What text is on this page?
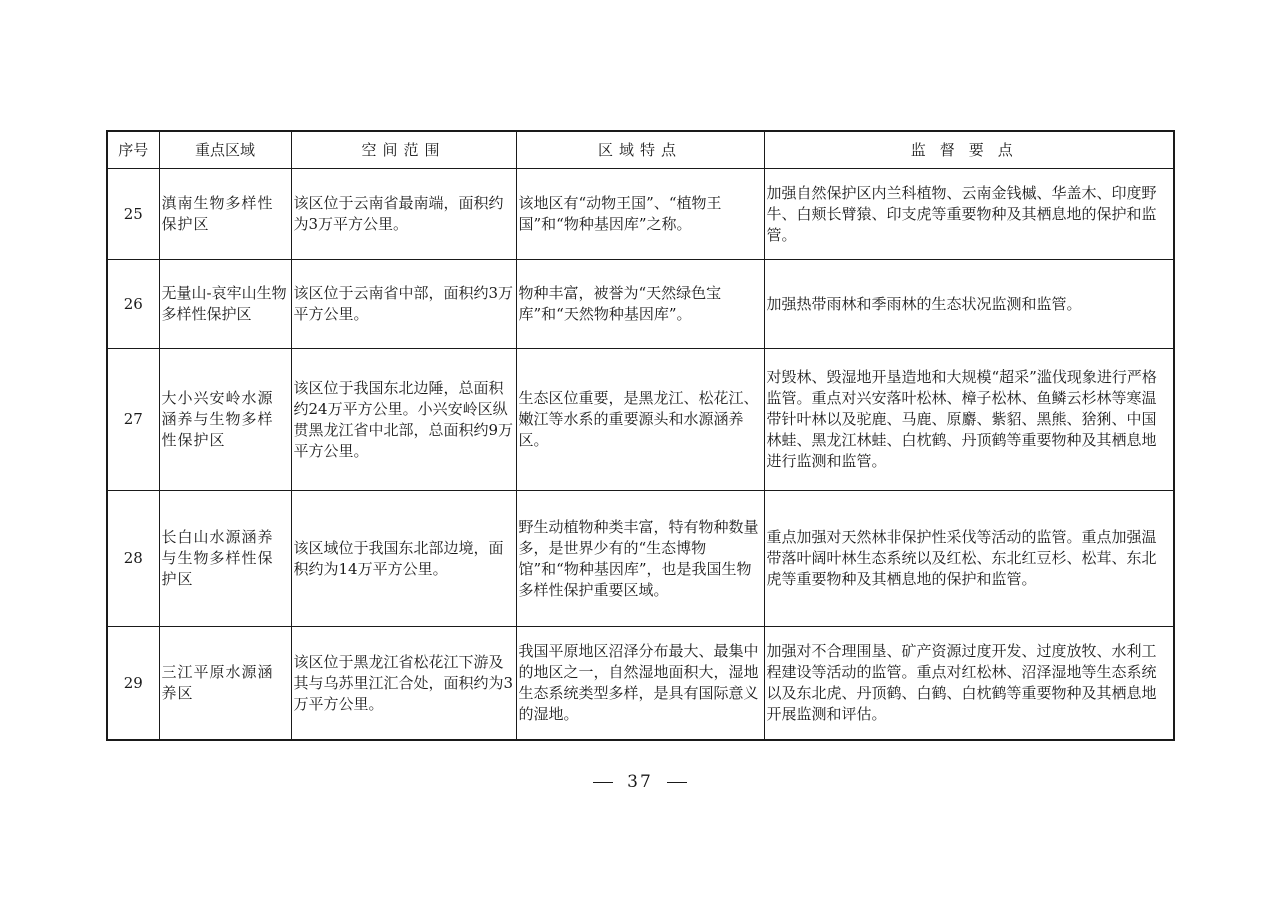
序号	重点区域	空间范围	区域特点	监督要点
25	滇南生物多样性保护区	该区位于云南省最南端，面积约为3万平方公里。	该地区有“动物王国”、“植物王国”和“物种基因库”之称。	加强自然保护区内兰科植物、云南金钱槭、华盖木、印度野牛、白颊长臂猿、印支虎等重要物种及其栖息地的保护和监管。
26	无量山-哀牢山生物多样性保护区	该区位于云南省中部，面积约3万平方公里。	物种丰富，被誉为“天然绿色宝库”和“天然物种基因库”。	加强热带雨林和季雨林的生态状况监测和监管。
27	大小兴安岭水源涵养与生物多样性保护区	该区位于我国东北边陲，总面积约24万平方公里。小兴安岭区纵贯黑龙江省中北部，总面积约9万平方公里。	生态区位重要，是黑龙江、松花江、嫩江等水系的重要源头和水源涵养区。	对毁林、毁湿地开垦造地和大规模“超采”滥伐现象进行严格监管。重点对兴安落叶松林、樟子松林、鱼鳞云杉林等寒温带针叶林以及驼鹿、马鹿、原麝、紫貂、黑熊、猞猁、中国林蛙、黑龙江林蛙、白枕鹤、丹顶鹤等重要物种及其栖息地进行监测和监管。
28	长白山水源涵养与生物多样性保护区	该区域位于我国东北部边境，面积约为14万平方公里。	野生动植物种类丰富，特有物种数量多，是世界少有的“生态博物馆”和“物种基因库”，也是我国生物多样性保护重要区域。	重点加强对天然林非保护性采伐等活动的监管。重点加强温带落叶阔叶林生态系统以及红松、东北红豆杉、松茸、东北虎等重要物种及其栖息地的保护和监管。
29	三江平原水源涵养区	该区位于黑龙江省松花江下游及其与乌苏里江汇合处，面积约为3万平方公里。	我国平原地区沼泽分布最大、最集中的地区之一，自然湿地面积大，湿地生态系统类型多样，是具有国际意义的湿地。	加强对不合理围垦、矿产资源过度开发、过度放牧、水利工程建设等活动的监管。重点对红松林、沼泽湿地等生态系统以及东北虎、丹顶鹤、白鹤、白枕鹤等重要物种及其栖息地开展监测和评估。
37
